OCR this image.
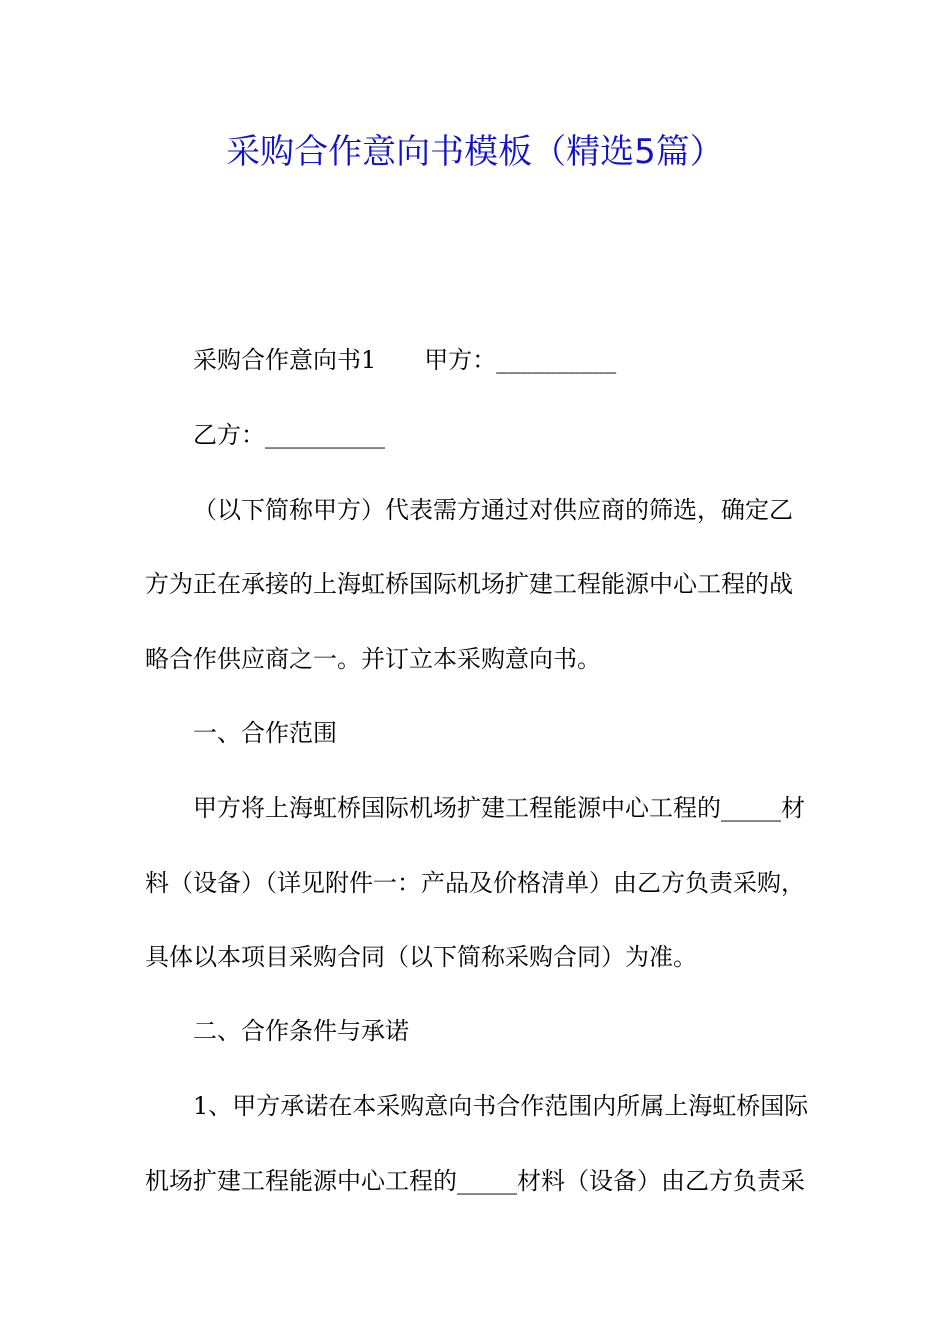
采购合作意向书模板（精选5篇）
采购合作意向书1　　甲方：__________
乙方：__________
（以下简称甲方）代表需方通过对供应商的筛选，确定乙
方为正在承接的上海虹桥国际机场扩建工程能源中心工程的战
略合作供应商之一。并订立本采购意向书。
一、合作范围
甲方将上海虹桥国际机场扩建工程能源中心工程的_____材
料（设备）（详见附件一：产品及价格清单）由乙方负责采购，
具体以本项目采购合同（以下简称采购合同）为准。
二、合作条件与承诺
1、甲方承诺在本采购意向书合作范围内所属上海虹桥国际
机场扩建工程能源中心工程的_____材料（设备）由乙方负责采
